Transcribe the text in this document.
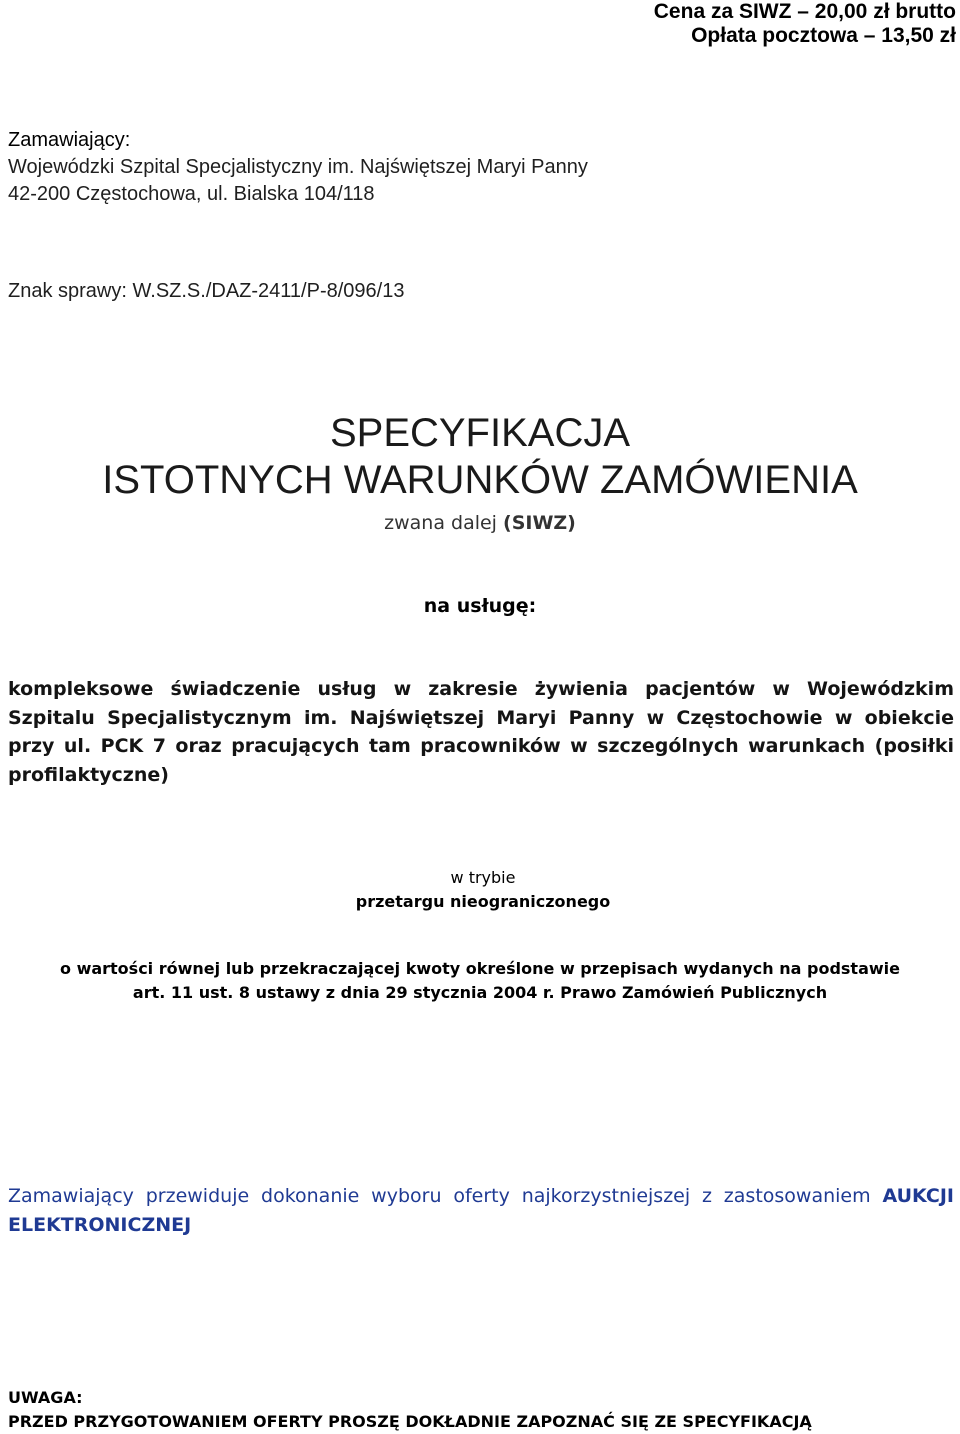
Cena za SIWZ – 20,00 zł brutto
Opłata pocztowa – 13,50 zł
Zamawiający:
Wojewódzki Szpital Specjalistyczny im. Najświętszej Maryi Panny
42-200 Częstochowa, ul. Bialska 104/118
Znak sprawy: W.SZ.S./DAZ-2411/P-8/096/13
SPECYFIKACJA
ISTOTNYCH WARUNKÓW ZAMÓWIENIA
zwana dalej (SIWZ)
na usługę:
kompleksowe świadczenie usług w zakresie żywienia pacjentów w Wojewódzkim Szpitalu Specjalistycznym im. Najświętszej Maryi Panny w Częstochowie w obiekcie przy ul. PCK 7 oraz pracujących tam pracowników w szczególnych warunkach (posiłki profilaktyczne)
w trybie
przetargu nieograniczonego
o wartości równej lub przekraczającej kwoty określone w przepisach wydanych na podstawie
art. 11 ust. 8 ustawy z dnia 29 stycznia 2004 r. Prawo Zamówień Publicznych
Zamawiający przewiduje dokonanie wyboru oferty najkorzystniejszej z zastosowaniem AUKCJI ELEKTRONICZNEJ
UWAGA:
PRZED PRZYGOTOWANIEM OFERTY PROSZĘ DOKŁADNIE ZAPOZNAĆ SIĘ ZE SPECYFIKACJĄ
